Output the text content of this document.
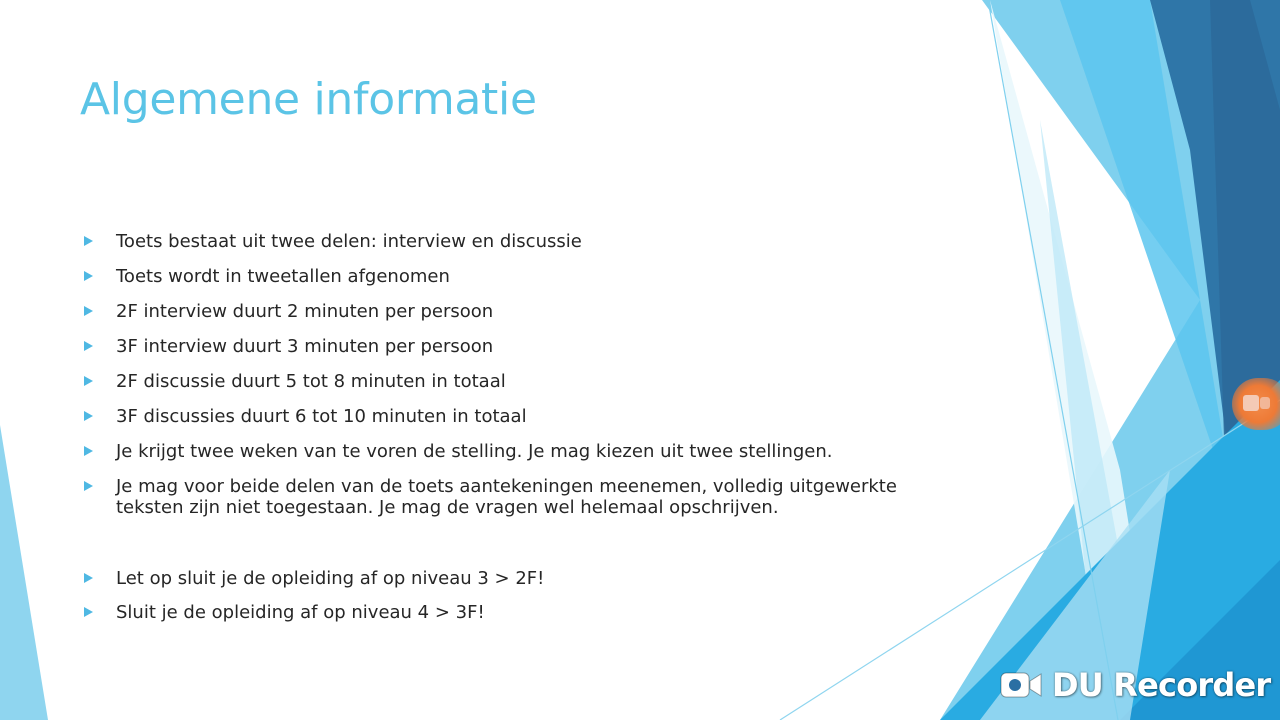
Algemene informatie
Toets bestaat uit twee delen: interview en discussie
Toets wordt in tweetallen afgenomen
2F interview duurt 2 minuten per persoon
3F interview duurt 3 minuten per persoon
2F discussie duurt 5 tot 8 minuten in totaal
3F discussies duurt 6 tot 10 minuten in totaal
Je krijgt twee weken van te voren de stelling. Je mag kiezen uit twee stellingen.
Je mag voor beide delen van de toets aantekeningen meenemen, volledig uitgewerkte teksten zijn niet toegestaan. Je mag de vragen wel helemaal opschrijven.
Let op sluit je de opleiding af op niveau 3 > 2F!
Sluit je de opleiding af op niveau 4 > 3F!
DU Recorder
